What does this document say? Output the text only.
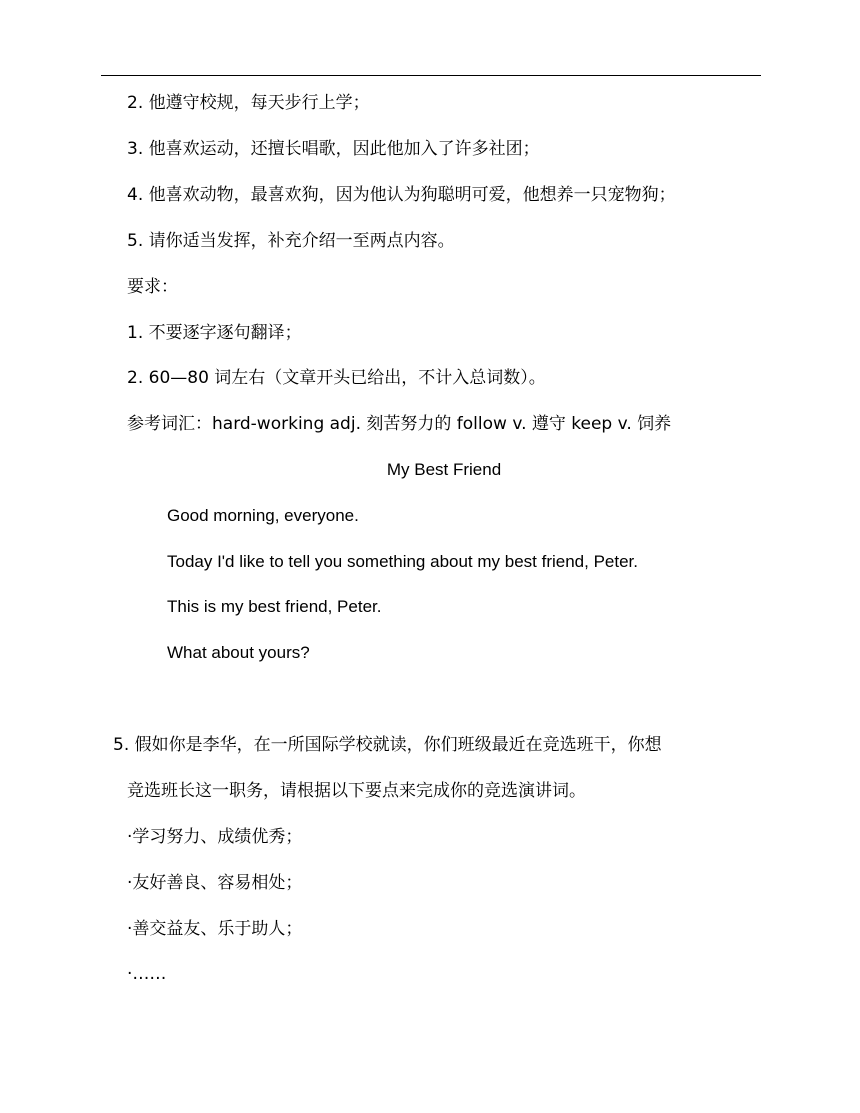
2. 他遵守校规，每天步行上学；
3. 他喜欢运动，还擅长唱歌，因此他加入了许多社团；
4. 他喜欢动物，最喜欢狗，因为他认为狗聪明可爱，他想养一只宠物狗；
5. 请你适当发挥，补充介绍一至两点内容。
要求：
1. 不要逐字逐句翻译；
2. 60—80 词左右（文章开头已给出，不计入总词数）。
参考词汇：hard-working adj. 刻苦努力的 follow v. 遵守 keep v. 饲养
My Best Friend
Good morning, everyone.
Today I'd like to tell you something about my best friend, Peter.
This is my best friend, Peter.
What about yours?
5. 假如你是李华，在一所国际学校就读，你们班级最近在竞选班干，你想
竞选班长这一职务，请根据以下要点来完成你的竞选演讲词。
·学习努力、成绩优秀；
·友好善良、容易相处；
·善交益友、乐于助人；
·……
